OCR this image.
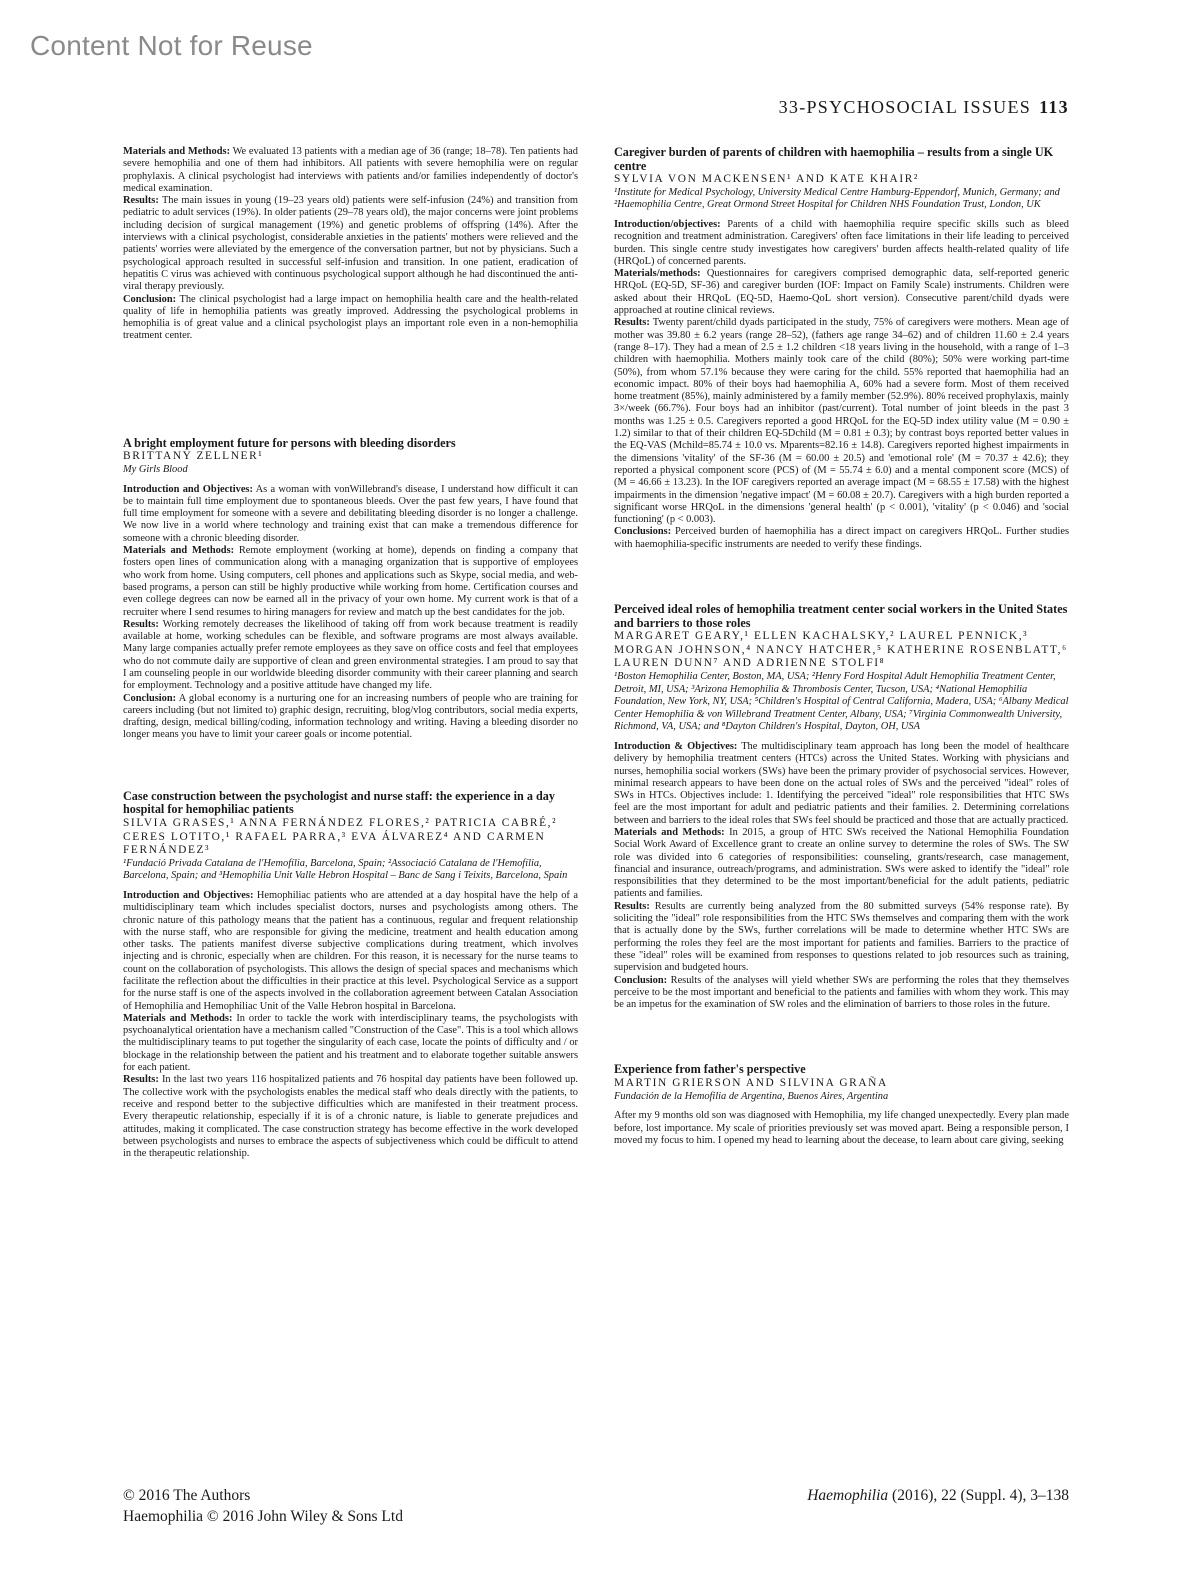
Content Not for Reuse
33-PSYCHOSOCIAL ISSUES 113

Materials and Methods: We evaluated 13 patients with a median age of 36 (range; 18–78). Ten patients had severe hemophilia and one of them had inhibitors. All patients with severe hemophilia were on regular prophylaxis. A clinical psychologist had interviews with patients and/or families independently of doctor's medical examination.

Results: The main issues in young (19–23 years old) patients were self-infusion (24%) and transition from pediatric to adult services (19%). In older patients (29–78 years old), the major concerns were joint problems including decision of surgical management (19%) and genetic problems of offspring (14%). After the interviews with a clinical psychologist, considerable anxieties in the patients' mothers were relieved and the patients' worries were alleviated by the emergence of the conversation partner, but not by physicians. Such a psychological approach resulted in successful self-infusion and transition. In one patient, eradication of hepatitis C virus was achieved with continuous psychological support although he had discontinued the anti-viral therapy previously.

Conclusion: The clinical psychologist had a large impact on hemophilia health care and the health-related quality of life in hemophilia patients was greatly improved. Addressing the psychological problems in hemophilia is of great value and a clinical psychologist plays an important role even in a non-hemophilia treatment center.

A bright employment future for persons with bleeding disorders

BRITTANY ZELLNER¹

My Girls Blood

Introduction and Objectives: As a woman with vonWillebrand's disease, I understand how difficult it can be to maintain full time employment due to spontaneous bleeds. Over the past few years, I have found that full time employment for someone with a severe and debilitating bleeding disorder is no longer a challenge. We now live in a world where technology and training exist that can make a tremendous difference for someone with a chronic bleeding disorder.

Materials and Methods: Remote employment (working at home), depends on finding a company that fosters open lines of communication along with a managing organization that is supportive of employees who work from home. Using computers, cell phones and applications such as Skype, social media, and web-based programs, a person can still be highly productive while working from home. Certification courses and even college degrees can now be earned all in the privacy of your own home. My current work is that of a recruiter where I send resumes to hiring managers for review and match up the best candidates for the job.

Results: Working remotely decreases the likelihood of taking off from work because treatment is readily available at home, working schedules can be flexible, and software programs are most always available. Many large companies actually prefer remote employees as they save on office costs and feel that employees who do not commute daily are supportive of clean and green environmental strategies. I am proud to say that I am counseling people in our worldwide bleeding disorder community with their career planning and search for employment. Technology and a positive attitude have changed my life.

Conclusion: A global economy is a nurturing one for an increasing numbers of people who are training for careers including (but not limited to) graphic design, recruiting, blog/vlog contributors, social media experts, drafting, design, medical billing/coding, information technology and writing. Having a bleeding disorder no longer means you have to limit your career goals or income potential.

Case construction between the psychologist and nurse staff: the experience in a day hospital for hemophiliac patients

SILVIA GRASES,¹ ANNA FERNÁNDEZ FLORES,² PATRICIA CABRÉ,² CERES LOTITO,¹ RAFAEL PARRA,³ EVA ÁLVAREZ⁴ AND CARMEN FERNÁNDEZ³

¹Fundació Privada Catalana de l'Hemofília, Barcelona, Spain; ²Associació Catalana de l'Hemofília, Barcelona, Spain; and ³Hemophilia Unit Valle Hebron Hospital – Banc de Sang i Teixits, Barcelona, Spain

Introduction and Objectives: Hemophiliac patients who are attended at a day hospital have the help of a multidisciplinary team which includes specialist doctors, nurses and psychologists among others. The chronic nature of this pathology means that the patient has a continuous, regular and frequent relationship with the nurse staff, who are responsible for giving the medicine, treatment and health education among other tasks. The patients manifest diverse subjective complications during treatment, which involves injecting and is chronic, especially when are children. For this reason, it is necessary for the nurse teams to count on the collaboration of psychologists. This allows the design of special spaces and mechanisms which facilitate the reflection about the difficulties in their practice at this level. Psychological Service as a support for the nurse staff is one of the aspects involved in the collaboration agreement between Catalan Association of Hemophilia and Hemophiliac Unit of the Valle Hebron hospital in Barcelona.

Materials and Methods: In order to tackle the work with interdisciplinary teams, the psychologists with psychoanalytical orientation have a mechanism called "Construction of the Case". This is a tool which allows the multidisciplinary teams to put together the singularity of each case, locate the points of difficulty and / or blockage in the relationship between the patient and his treatment and to elaborate together suitable answers for each patient.

Results: In the last two years 116 hospitalized patients and 76 hospital day patients have been followed up. The collective work with the psychologists enables the medical staff who deals directly with the patients, to receive and respond better to the subjective difficulties which are manifested in their treatment process. Every therapeutic relationship, especially if it is of a chronic nature, is liable to generate prejudices and attitudes, making it complicated. The case construction strategy has become effective in the work developed between psychologists and nurses to embrace the aspects of subjectiveness which could be difficult to attend in the therapeutic relationship.

Caregiver burden of parents of children with haemophilia – results from a single UK centre

SYLVIA VON MACKENSEN¹ AND KATE KHAIR²

¹Institute for Medical Psychology, University Medical Centre Hamburg-Eppendorf, Munich, Germany; and ²Haemophilia Centre, Great Ormond Street Hospital for Children NHS Foundation Trust, London, UK

Introduction/objectives: Parents of a child with haemophilia require specific skills such as bleed recognition and treatment administration. Caregivers' often face limitations in their life leading to perceived burden. This single centre study investigates how caregivers' burden affects health-related quality of life (HRQoL) of concerned parents.

Materials/methods: Questionnaires for caregivers comprised demographic data, self-reported generic HRQoL (EQ-5D, SF-36) and caregiver burden (IOF: Impact on Family Scale) instruments. Children were asked about their HRQoL (EQ-5D, Haemo-QoL short version). Consecutive parent/child dyads were approached at routine clinical reviews.

Results: Twenty parent/child dyads participated in the study, 75% of caregivers were mothers. Mean age of mother was 39.80 ± 6.2 years (range 28–52), (fathers age range 34–62) and of children 11.60 ± 2.4 years (range 8–17). They had a mean of 2.5 ± 1.2 children <18 years living in the household, with a range of 1–3 children with haemophilia. Mothers mainly took care of the child (80%); 50% were working part-time (50%), from whom 57.1% because they were caring for the child. 55% reported that haemophilia had an economic impact. 80% of their boys had haemophilia A, 60% had a severe form. Most of them received home treatment (85%), mainly administered by a family member (52.9%). 80% received prophylaxis, mainly 3×/week (66.7%). Four boys had an inhibitor (past/current). Total number of joint bleeds in the past 3 months was 1.25 ± 0.5. Caregivers reported a good HRQoL for the EQ-5D index utility value (M = 0.90 ± 1.2) similar to that of their children EQ-5Dchild (M = 0.81 ± 0.3); by contrast boys reported better values in the EQ-VAS (Mchild=85.74 ± 10.0 vs. Mparents=82.16 ± 14.8). Caregivers reported highest impairments in the dimensions 'vitality' of the SF-36 (M = 60.00 ± 20.5) and 'emotional role' (M = 70.37 ± 42.6); they reported a physical component score (PCS) of (M = 55.74 ± 6.0) and a mental component score (MCS) of (M = 46.66 ± 13.23). In the IOF caregivers reported an average impact (M = 68.55 ± 17.58) with the highest impairments in the dimension 'negative impact' (M = 60.08 ± 20.7). Caregivers with a high burden reported a significant worse HRQoL in the dimensions 'general health' (p < 0.001), 'vitality' (p < 0.046) and 'social functioning' (p < 0.003).

Conclusions: Perceived burden of haemophilia has a direct impact on caregivers HRQoL. Further studies with haemophilia-specific instruments are needed to verify these findings.

Perceived ideal roles of hemophilia treatment center social workers in the United States and barriers to those roles

MARGARET GEARY,¹ ELLEN KACHALSKY,² LAUREL PENNICK,³ MORGAN JOHNSON,⁴ NANCY HATCHER,⁵ KATHERINE ROSENBLATT,⁶ LAUREN DUNN⁷ AND ADRIENNE STOLFI⁸

¹Boston Hemophilia Center, Boston, MA, USA; ²Henry Ford Hospital Adult Hemophilia Treatment Center, Detroit, MI, USA; ³Arizona Hemophilia & Thrombosis Center, Tucson, USA; ⁴National Hemophilia Foundation, New York, NY, USA; ⁵Children's Hospital of Central California, Madera, USA; ⁶Albany Medical Center Hemophilia & von Willebrand Treatment Center, Albany, USA; ⁷Virginia Commonwealth University, Richmond, VA, USA; and ⁸Dayton Children's Hospital, Dayton, OH, USA

Introduction & Objectives: The multidisciplinary team approach has long been the model of healthcare delivery by hemophilia treatment centers (HTCs) across the United States. Working with physicians and nurses, hemophilia social workers (SWs) have been the primary provider of psychosocial services. However, minimal research appears to have been done on the actual roles of SWs and the perceived "ideal" roles of SWs in HTCs. Objectives include: 1. Identifying the perceived "ideal" role responsibilities that HTC SWs feel are the most important for adult and pediatric patients and their families. 2. Determining correlations between and barriers to the ideal roles that SWs feel should be practiced and those that are actually practiced.

Materials and Methods: In 2015, a group of HTC SWs received the National Hemophilia Foundation Social Work Award of Excellence grant to create an online survey to determine the roles of SWs. The SW role was divided into 6 categories of responsibilities: counseling, grants/research, case management, financial and insurance, outreach/programs, and administration. SWs were asked to identify the "ideal" role responsibilities that they determined to be the most important/beneficial for the adult patients, pediatric patients and families.

Results: Results are currently being analyzed from the 80 submitted surveys (54% response rate). By soliciting the "ideal" role responsibilities from the HTC SWs themselves and comparing them with the work that is actually done by the SWs, further correlations will be made to determine whether HTC SWs are performing the roles they feel are the most important for patients and families. Barriers to the practice of these "ideal" roles will be examined from responses to questions related to job resources such as training, supervision and budgeted hours.

Conclusion: Results of the analyses will yield whether SWs are performing the roles that they themselves perceive to be the most important and beneficial to the patients and families with whom they work. This may be an impetus for the examination of SW roles and the elimination of barriers to those roles in the future.

Experience from father's perspective

MARTIN GRIERSON AND SILVINA GRAÑA

Fundación de la Hemofilia de Argentina, Buenos Aires, Argentina

After my 9 months old son was diagnosed with Hemophilia, my life changed unexpectedly. Every plan made before, lost importance. My scale of priorities previously set was moved apart. Being a responsible person, I moved my focus to him. I opened my head to learning about the decease, to learn about care giving, seeking

© 2016 The Authors
Haemophilia © 2016 John Wiley & Sons Ltd
Haemophilia (2016), 22 (Suppl. 4), 3–138
